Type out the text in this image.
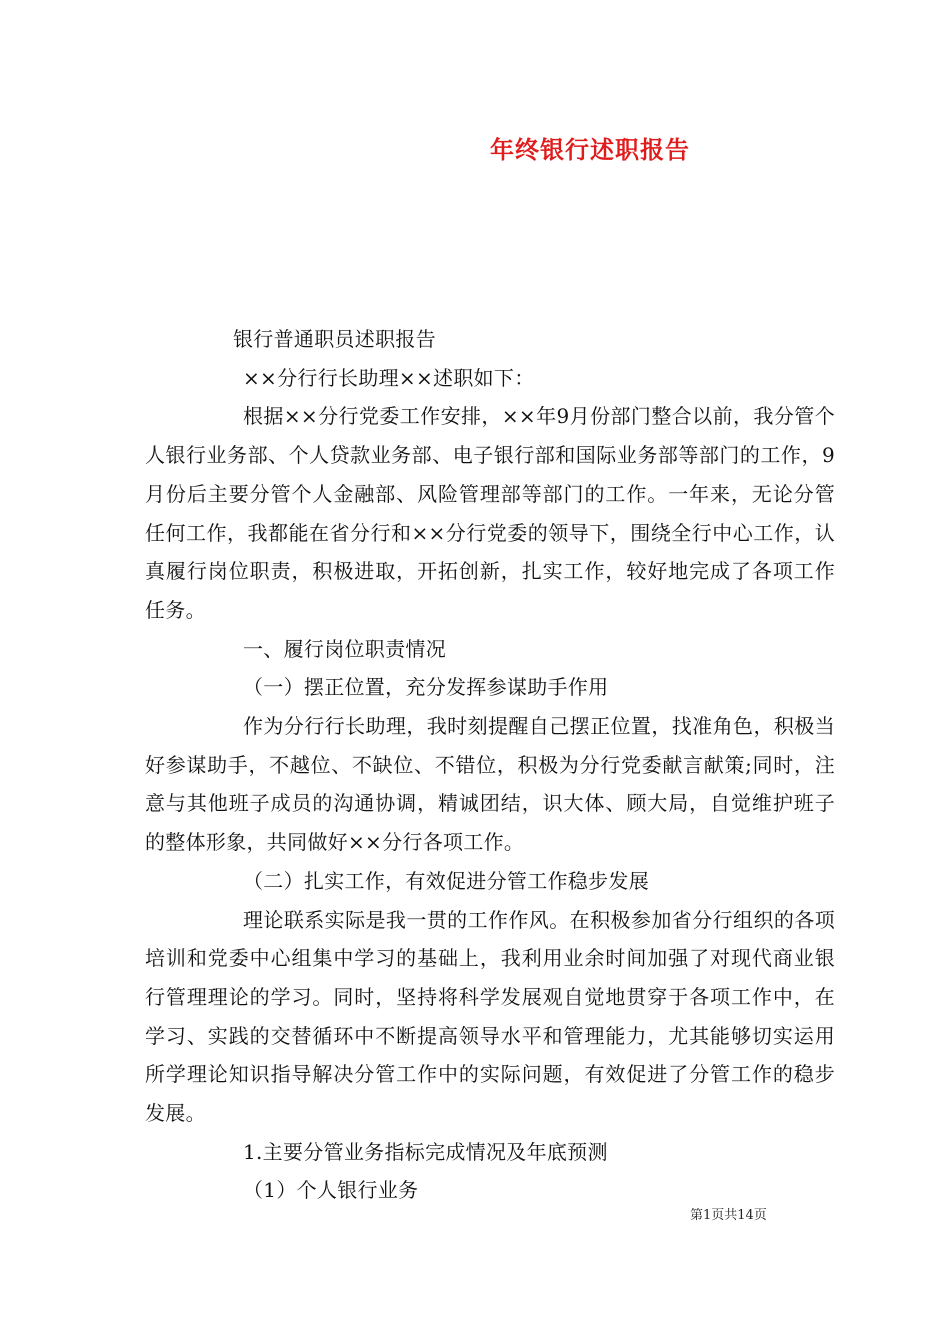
年终银行述职报告

银行普通职员述职报告

××分行行长助理××述职如下：

根据××分行党委工作安排，××年9月份部门整合以前，我分管个人银行业务部、个人贷款业务部、电子银行部和国际业务部等部门的工作，9月份后主要分管个人金融部、风险管理部等部门的工作。一年来，无论分管任何工作，我都能在省分行和××分行党委的领导下，围绕全行中心工作，认真履行岗位职责，积极进取，开拓创新，扎实工作，较好地完成了各项工作任务。

一、履行岗位职责情况

（一）摆正位置，充分发挥参谋助手作用

作为分行行长助理，我时刻提醒自己摆正位置，找准角色，积极当好参谋助手，不越位、不缺位、不错位，积极为分行党委献言献策;同时，注意与其他班子成员的沟通协调，精诚团结，识大体、顾大局，自觉维护班子的整体形象，共同做好××分行各项工作。

（二）扎实工作，有效促进分管工作稳步发展

理论联系实际是我一贯的工作作风。在积极参加省分行组织的各项培训和党委中心组集中学习的基础上，我利用业余时间加强了对现代商业银行管理理论的学习。同时，坚持将科学发展观自觉地贯穿于各项工作中，在学习、实践的交替循环中不断提高领导水平和管理能力，尤其能够切实运用所学理论知识指导解决分管工作中的实际问题，有效促进了分管工作的稳步发展。

1.主要分管业务指标完成情况及年底预测

（1）个人银行业务

第1页共14页
